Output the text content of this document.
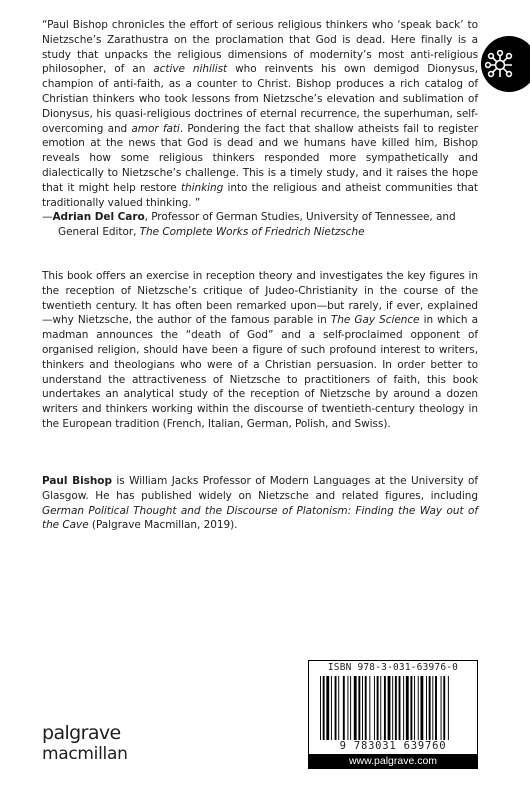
“Paul Bishop chronicles the effort of serious religious thinkers who ‘speak back’ to Nietzsche’s Zarathustra on the proclamation that God is dead. Here finally is a study that unpacks the religious dimensions of modernity’s most anti-religious philosopher, of an active nihilist who reinvents his own demigod Dionysus, champion of anti-faith, as a counter to Christ. Bishop produces a rich catalog of Christian thinkers who took lessons from Nietzsche’s elevation and sublimation of Dionysus, his quasi-religious doctrines of eternal recurrence, the superhuman, self-overcoming and amor fati. Pondering the fact that shallow atheists fail to register emotion at the news that God is dead and we humans have killed him, Bishop reveals how some religious thinkers responded more sympathetically and dialectically to Nietzsche’s challenge. This is a timely study, and it raises the hope that it might help restore thinking into the religious and atheist communities that traditionally valued thinking. ”

—Adrian Del Caro, Professor of German Studies, University of Tennessee, and General Editor, The Complete Works of Friedrich Nietzsche

This book offers an exercise in reception theory and investigates the key figures in the reception of Nietzsche’s critique of Judeo-Christianity in the course of the twentieth century. It has often been remarked upon—but rarely, if ever, explained—why Nietzsche, the author of the famous parable in The Gay Science in which a madman announces the “death of God” and a self-proclaimed opponent of organised religion, should have been a figure of such profound interest to writers, thinkers and theologians who were of a Christian persuasion. In order better to understand the attractiveness of Nietzsche to practitioners of faith, this book undertakes an analytical study of the reception of Nietzsche by around a dozen writers and thinkers working within the discourse of twentieth-century theology in the European tradition (French, Italian, German, Polish, and Swiss).

Paul Bishop is William Jacks Professor of Modern Languages at the University of Glasgow. He has published widely on Nietzsche and related figures, including German Political Thought and the Discourse of Platonism: Finding the Way out of the Cave (Palgrave Macmillan, 2019).

palgrave
macmillan
ISBN 978-3-031-63976-0
9 783031 639760
www.palgrave.com
